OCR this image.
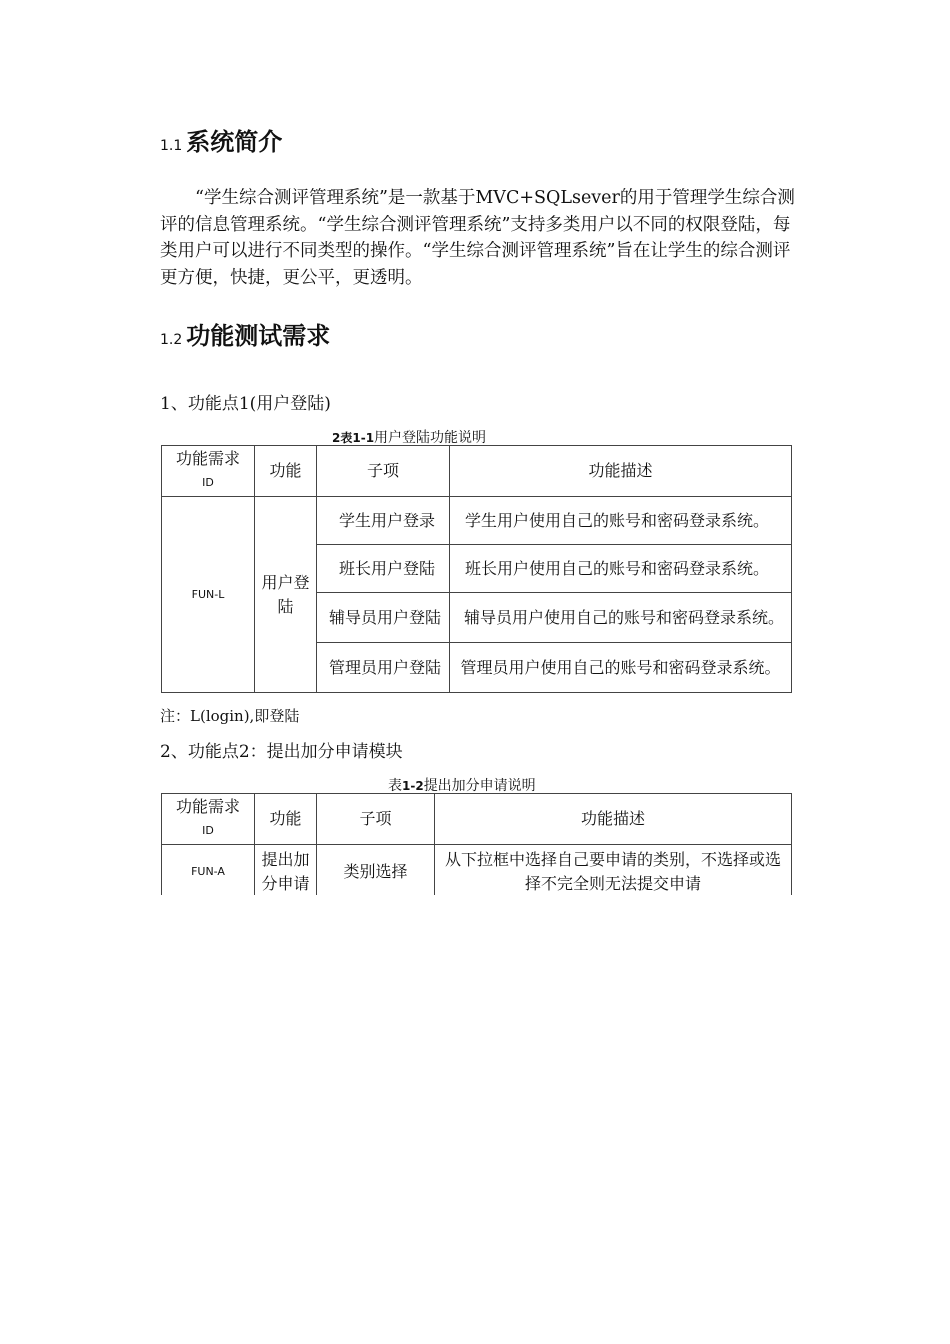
1.1 系统简介
“学生综合测评管理系统”是一款基于MVC+SQLsever的用于管理学生综合测评的信息管理系统。“学生综合测评管理系统”支持多类用户以不同的权限登陆，每类用户可以进行不同类型的操作。“学生综合测评管理系统”旨在让学生的综合测评更方便，快捷，更公平，更透明。
1.2 功能测试需求
1、功能点1(用户登陆)
2表1-1用户登陆功能说明
功能需求
ID	功能	子项	功能描述
FUN-L	用户登陆	学生用户登录	学生用户使用自己的账号和密码登录系统。
		班长用户登陆	班长用户使用自己的账号和密码登录系统。

		辅导员用户登陆	辅导员用户使用自己的账号和密码登录系统。

		管理员用户登陆	管理员用户使用自己的账号和密码登录系统。
注：L(login),即登陆
2、功能点2：提出加分申请模块
表1-2提出加分申请说明
功能需求
ID	功能	子项	功能描述
FUN-A	提出加分申请	类别选择	从下拉框中选择自己要申请的类别，不选择或选择不完全则无法提交申请
